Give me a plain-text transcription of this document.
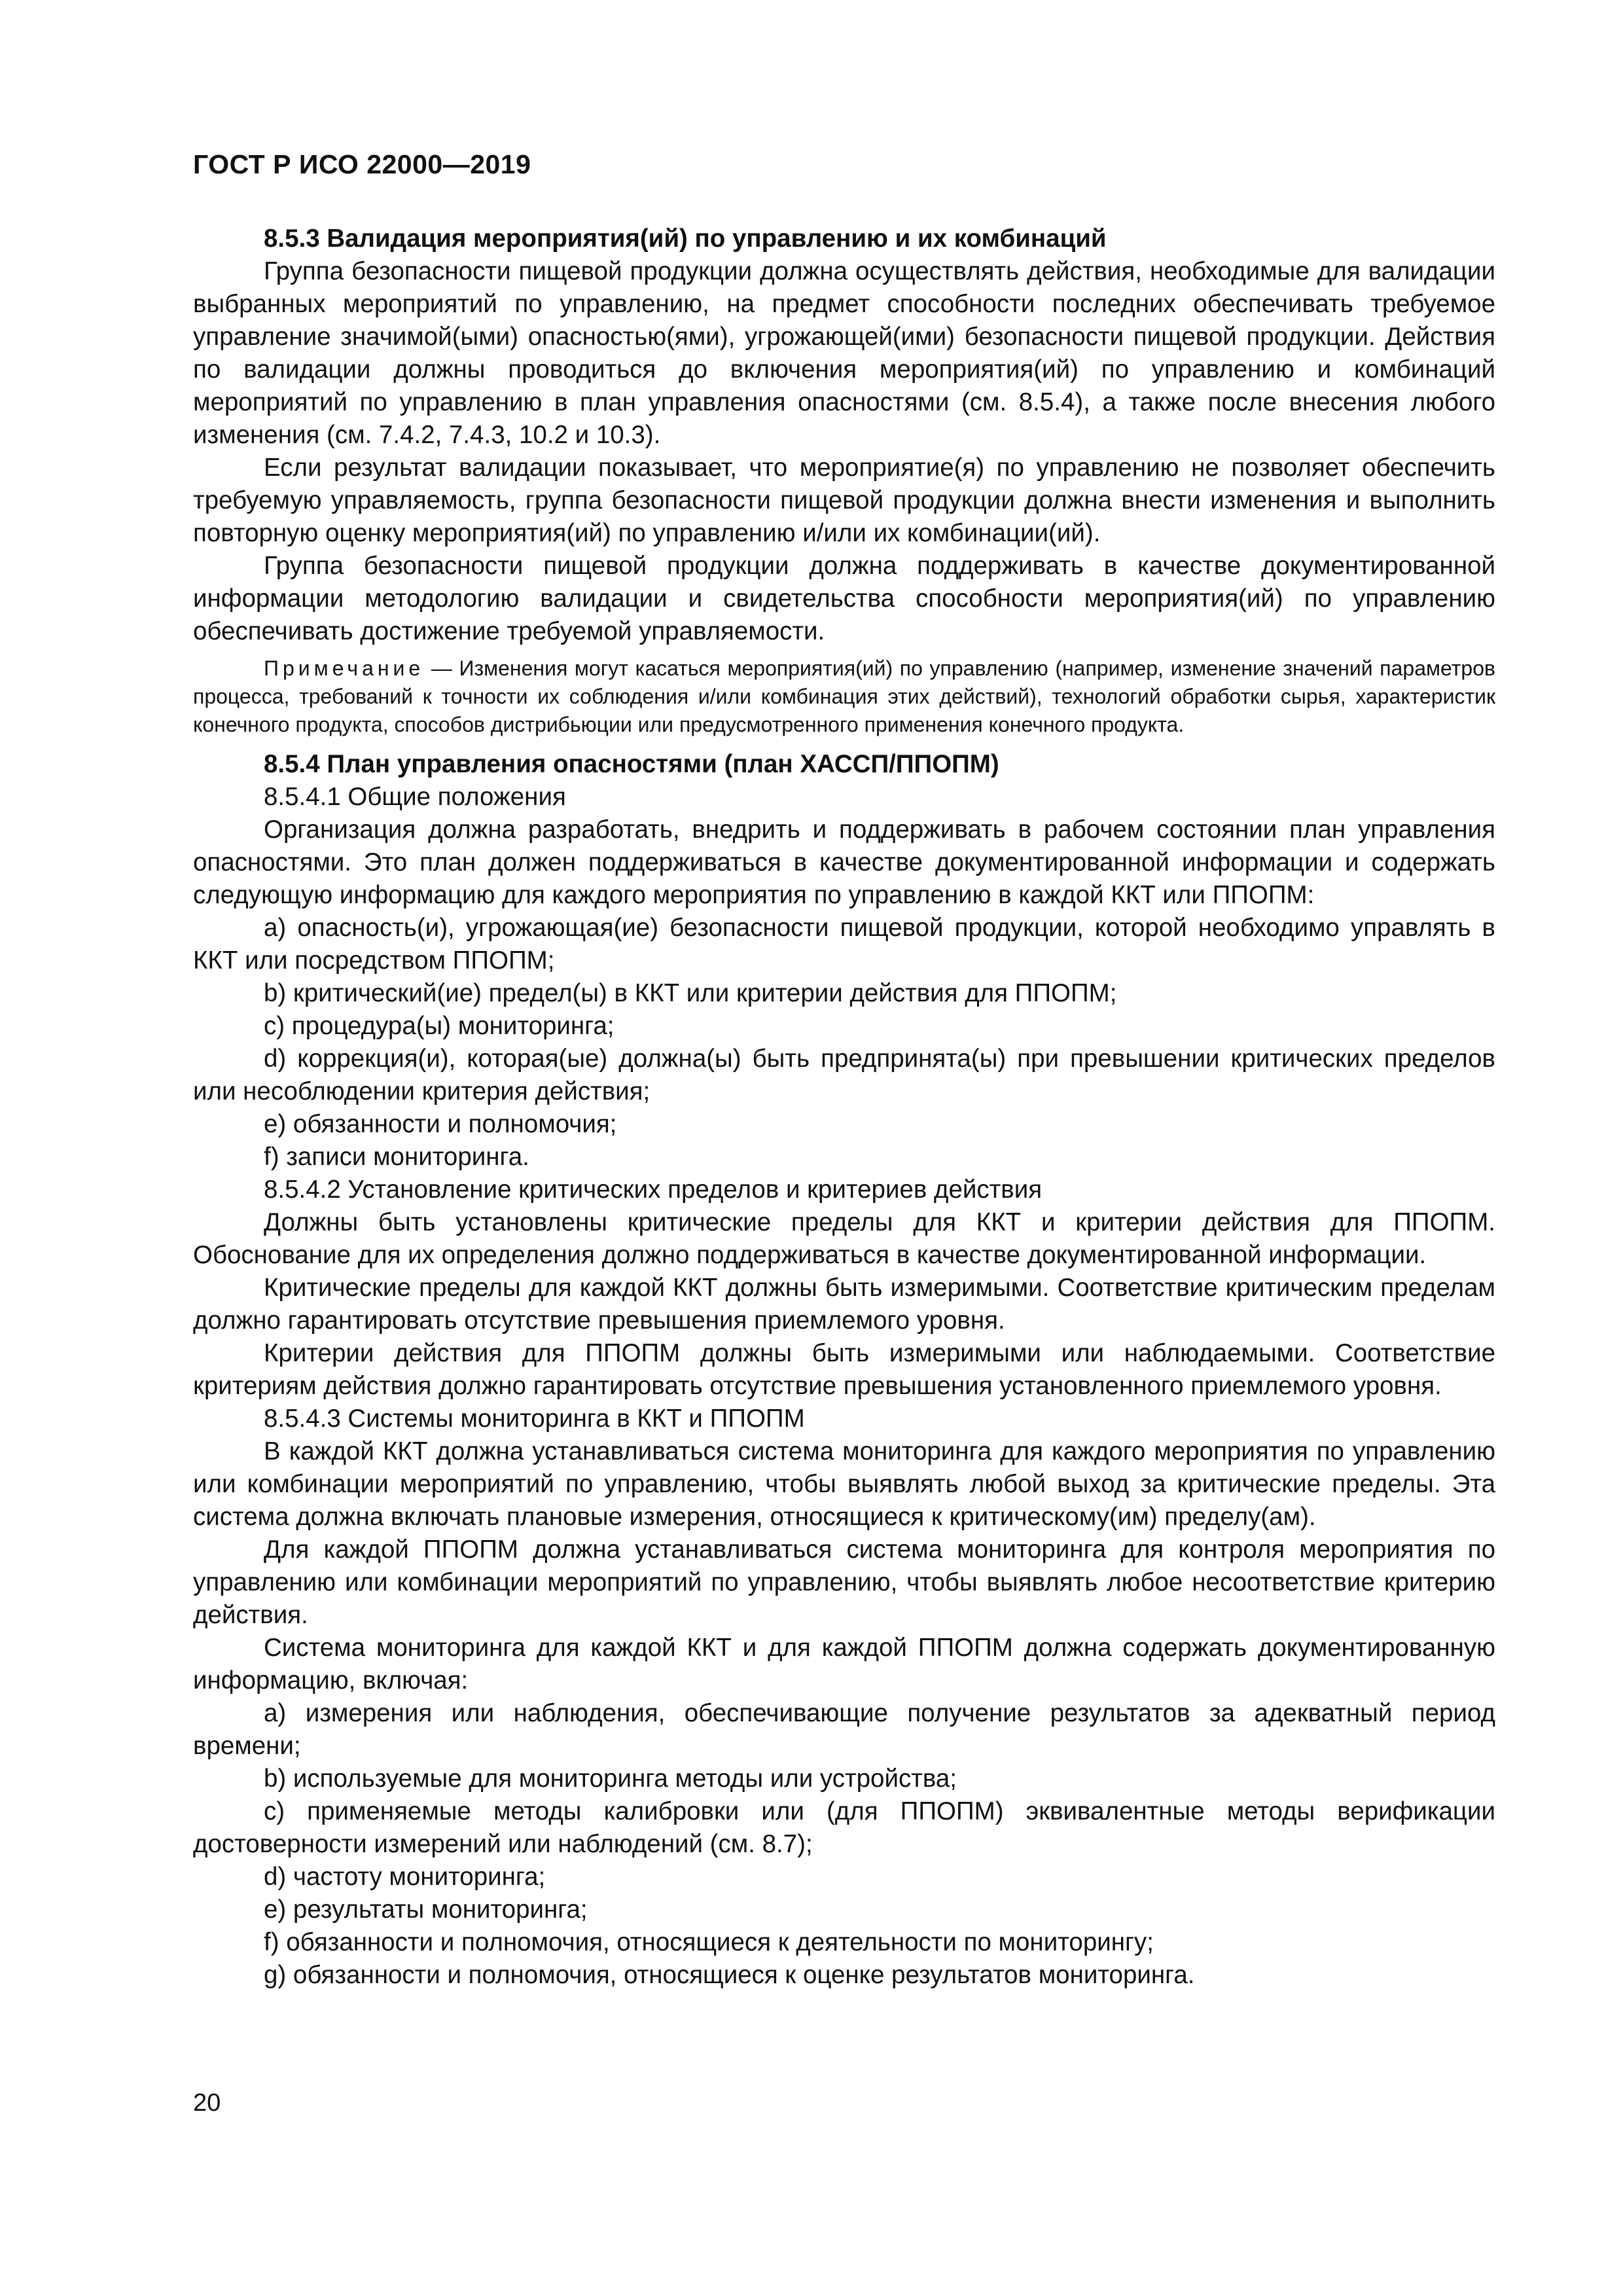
ГОСТ Р ИСО 22000—2019

8.5.3 Валидация мероприятия(ий) по управлению и их комбинаций

Группа безопасности пищевой продукции должна осуществлять действия, необходимые для валидации выбранных мероприятий по управлению, на предмет способности последних обеспечивать требуемое управление значимой(ыми) опасностью(ями), угрожающей(ими) безопасности пищевой продукции. Действия по валидации должны проводиться до включения мероприятия(ий) по управлению и комбинаций мероприятий по управлению в план управления опасностями (см. 8.5.4), а также после внесения любого изменения (см. 7.4.2, 7.4.3, 10.2 и 10.3).

Если результат валидации показывает, что мероприятие(я) по управлению не позволяет обеспечить требуемую управляемость, группа безопасности пищевой продукции должна внести изменения и выполнить повторную оценку мероприятия(ий) по управлению и/или их комбинации(ий).

Группа безопасности пищевой продукции должна поддерживать в качестве документированной информации методологию валидации и свидетельства способности мероприятия(ий) по управлению обеспечивать достижение требуемой управляемости.

Примечание — Изменения могут касаться мероприятия(ий) по управлению (например, изменение значений параметров процесса, требований к точности их соблюдения и/или комбинация этих действий), технологий обработки сырья, характеристик конечного продукта, способов дистрибьюции или предусмотренного применения конечного продукта.

8.5.4 План управления опасностями (план ХАССП/ППОПМ)

8.5.4.1 Общие положения

Организация должна разработать, внедрить и поддерживать в рабочем состоянии план управления опасностями. Это план должен поддерживаться в качестве документированной информации и содержать следующую информацию для каждого мероприятия по управлению в каждой ККТ или ППОПМ:

a) опасность(и), угрожающая(ие) безопасности пищевой продукции, которой необходимо управлять в ККТ или посредством ППОПМ;

b) критический(ие) предел(ы) в ККТ или критерии действия для ППОПМ;

c) процедура(ы) мониторинга;

d) коррекция(и), которая(ые) должна(ы) быть предпринята(ы) при превышении критических пределов или несоблюдении критерия действия;

e) обязанности и полномочия;

f) записи мониторинга.

8.5.4.2 Установление критических пределов и критериев действия

Должны быть установлены критические пределы для ККТ и критерии действия для ППОПМ. Обоснование для их определения должно поддерживаться в качестве документированной информации.

Критические пределы для каждой ККТ должны быть измеримыми. Соответствие критическим пределам должно гарантировать отсутствие превышения приемлемого уровня.

Критерии действия для ППОПМ должны быть измеримыми или наблюдаемыми. Соответствие критериям действия должно гарантировать отсутствие превышения установленного приемлемого уровня.

8.5.4.3 Системы мониторинга в ККТ и ППОПМ

В каждой ККТ должна устанавливаться система мониторинга для каждого мероприятия по управлению или комбинации мероприятий по управлению, чтобы выявлять любой выход за критические пределы. Эта система должна включать плановые измерения, относящиеся к критическому(им) пределу(ам).

Для каждой ППОПМ должна устанавливаться система мониторинга для контроля мероприятия по управлению или комбинации мероприятий по управлению, чтобы выявлять любое несоответствие критерию действия.

Система мониторинга для каждой ККТ и для каждой ППОПМ должна содержать документированную информацию, включая:

a) измерения или наблюдения, обеспечивающие получение результатов за адекватный период времени;

b) используемые для мониторинга методы или устройства;

c) применяемые методы калибровки или (для ППОПМ) эквивалентные методы верификации достоверности измерений или наблюдений (см. 8.7);

d) частоту мониторинга;

e) результаты мониторинга;

f) обязанности и полномочия, относящиеся к деятельности по мониторингу;

g) обязанности и полномочия, относящиеся к оценке результатов мониторинга.

20
